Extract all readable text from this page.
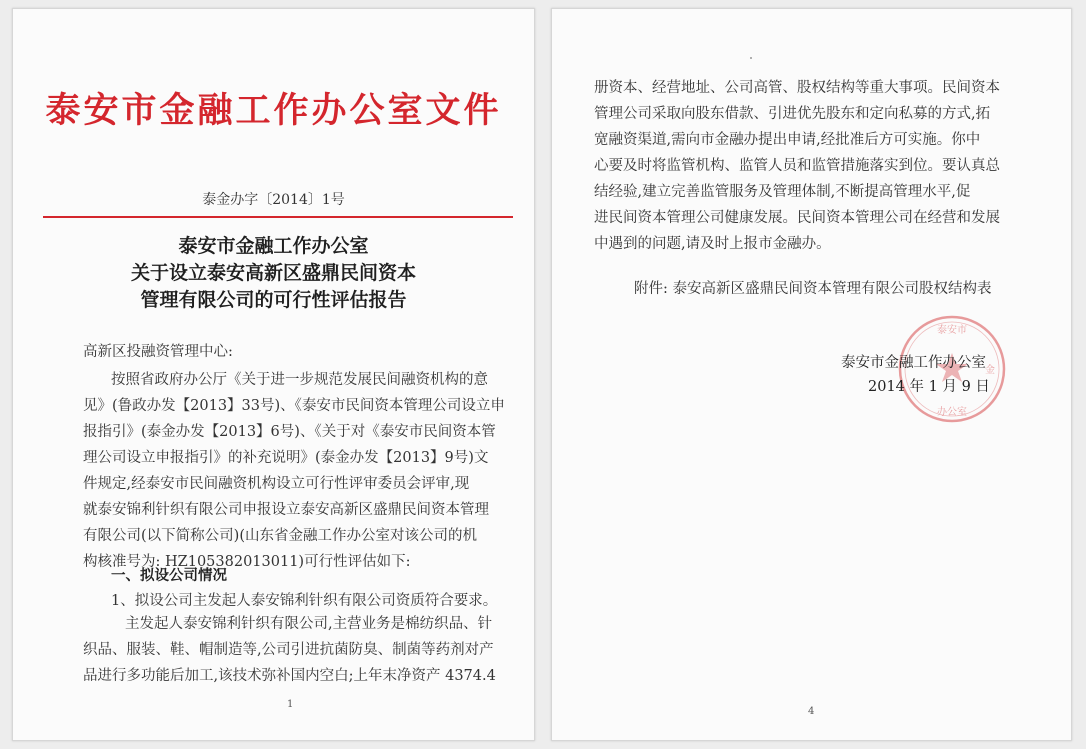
泰安市金融工作办公室文件
泰金办字〔2014〕1号
泰安市金融工作办公室
关于设立泰安高新区盛鼎民间资本
管理有限公司的可行性评估报告
高新区投融资管理中心:
按照省政府办公厅《关于进一步规范发展民间融资机构的意
见》(鲁政办发【2013】33号)、《泰安市民间资本管理公司设立申
报指引》(泰金办发【2013】6号)、《关于对《泰安市民间资本管
理公司设立申报指引》的补充说明》(泰金办发【2013】9号)文
件规定,经泰安市民间融资机构设立可行性评审委员会评审,现
就泰安锦利针织有限公司申报设立泰安高新区盛鼎民间资本管理
有限公司(以下简称公司)(山东省金融工作办公室对该公司的机
构核准号为: HZ105382013011)可行性评估如下:
一、拟设公司情况
1、拟设公司主发起人泰安锦利针织有限公司资质符合要求。
主发起人泰安锦利针织有限公司,主营业务是棉纺织品、针
织品、服装、鞋、帽制造等,公司引进抗菌防臭、制菌等药剂对产
品进行多功能后加工,该技术弥补国内空白;上年末净资产 4374.4
1
册资本、经营地址、公司高管、股权结构等重大事项。民间资本
管理公司采取向股东借款、引进优先股东和定向私募的方式,拓
宽融资渠道,需向市金融办提出申请,经批准后方可实施。你中
心要及时将监管机构、监管人员和监管措施落实到位。要认真总
结经验,建立完善监管服务及管理体制,不断提高管理水平,促
进民间资本管理公司健康发展。民间资本管理公司在经营和发展
中遇到的问题,请及时上报市金融办。
附件: 泰安高新区盛鼎民间资本管理有限公司股权结构表
泰安市
金
办公室
泰安市金融工作办公室
2014 年 1 月 9 日
4
